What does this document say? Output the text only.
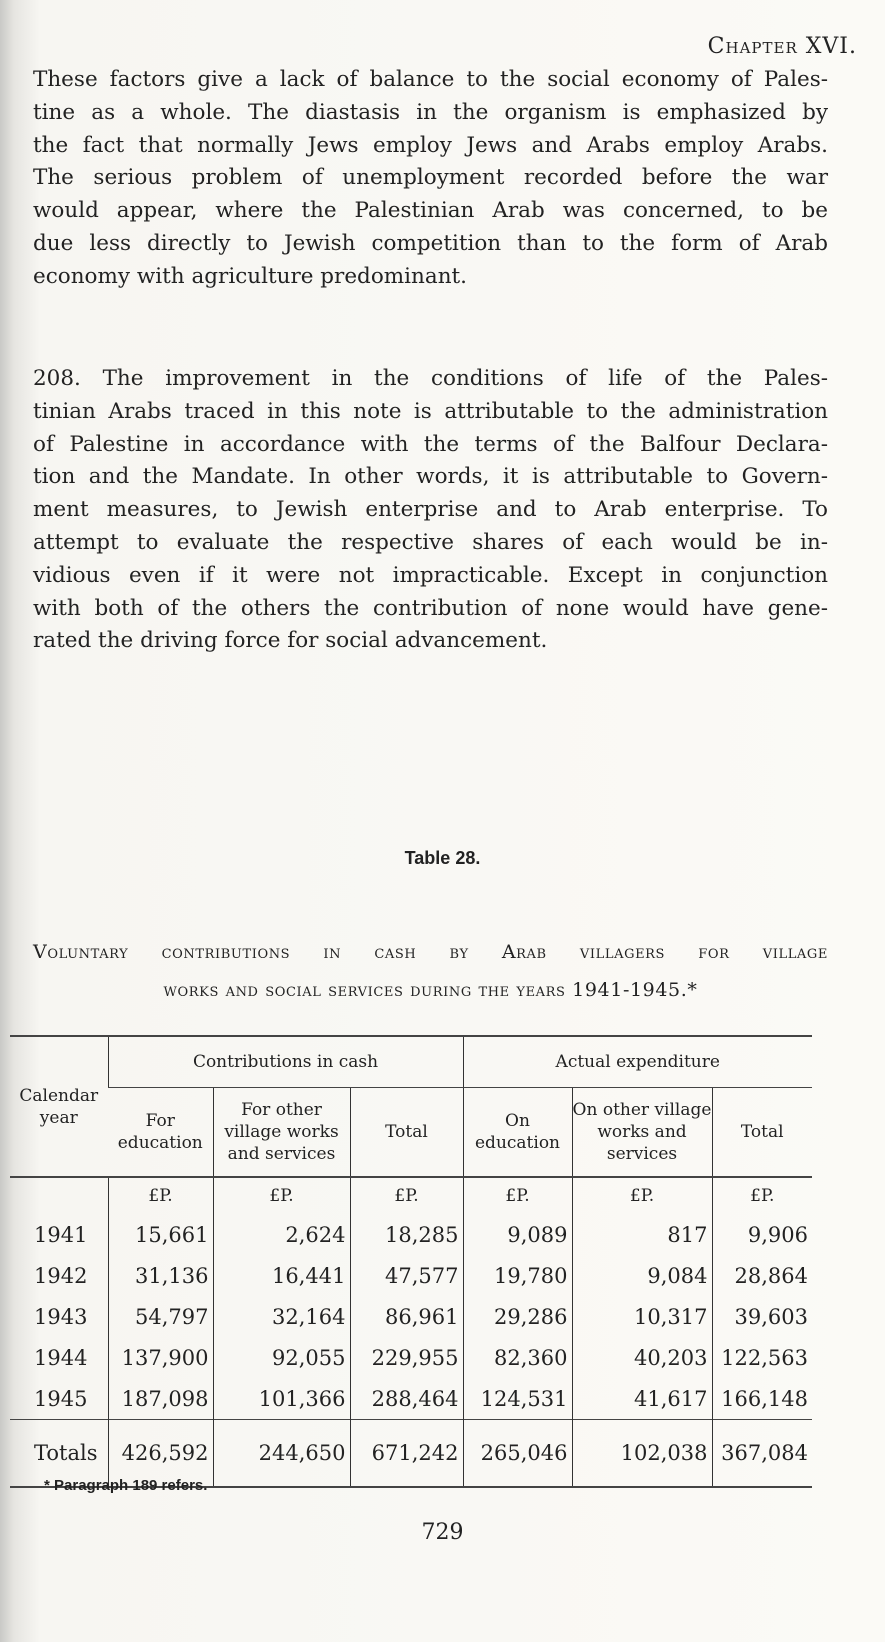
Chapter XVI.
These factors give a lack of balance to the social economy of Pales-
tine as a whole. The diastasis in the organism is emphasized by
the fact that normally Jews employ Jews and Arabs employ Arabs.
The serious problem of unemployment recorded before the war
would appear, where the Palestinian Arab was concerned, to be
due less directly to Jewish competition than to the form of Arab
economy with agriculture predominant.
208. The improvement in the conditions of life of the Pales-
tinian Arabs traced in this note is attributable to the administration
of Palestine in accordance with the terms of the Balfour Declara-
tion and the Mandate. In other words, it is attributable to Govern-
ment measures, to Jewish enterprise and to Arab enterprise. To
attempt to evaluate the respective shares of each would be in-
vidious even if it were not impracticable. Except in conjunction
with both of the others the contribution of none would have gene-
rated the driving force for social advancement.
Table 28.
Voluntary contributions in cash by Arab villagers for village
works and social services during the years 1941-1945.*
Calendar year	Contributions in cash			Actual expenditure		
	For education	For other village works and services	Total	On education	On other village works and services	Total
	£P.	£P.	£P.	£P.	£P.	£P.
1941	15,661	2,624	18,285	9,089	817	9,906
1942	31,136	16,441	47,577	19,780	9,084	28,864
1943	54,797	32,164	86,961	29,286	10,317	39,603
1944	137,900	92,055	229,955	82,360	40,203	122,563
1945	187,098	101,366	288,464	124,531	41,617	166,148
Totals	426,592	244,650	671,242	265,046	102,038	367,084
* Paragraph 189 refers.
729
